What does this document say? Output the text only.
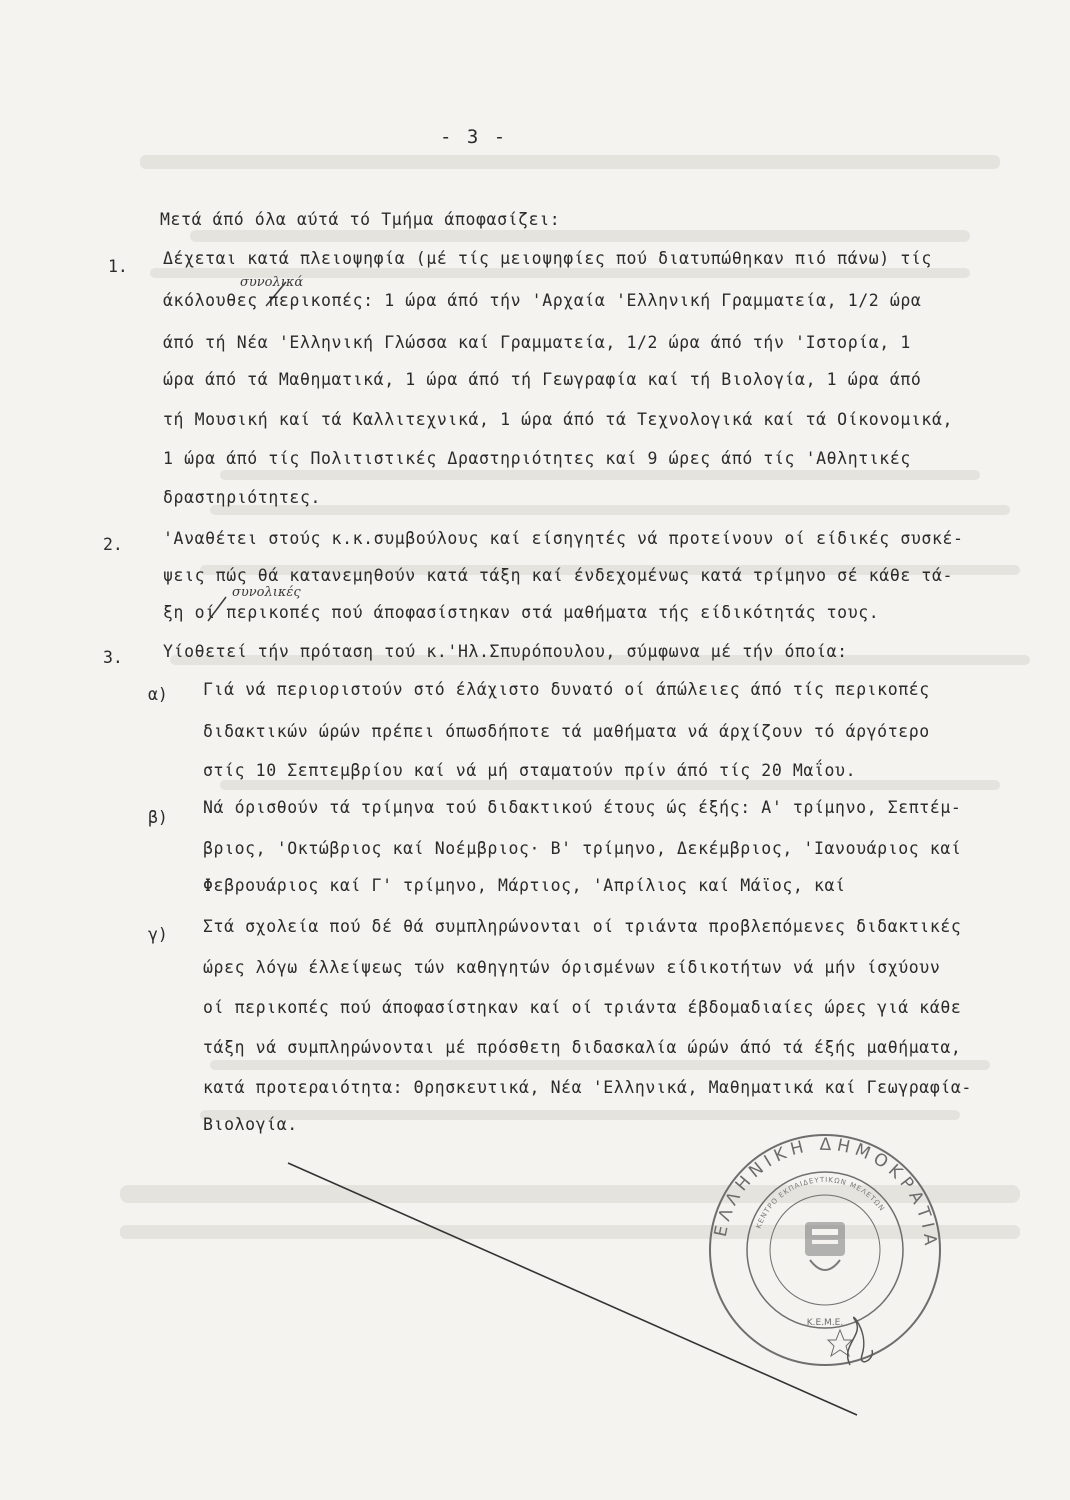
- 3 -
Μετά άπό όλα αύτά τό Τμήμα άποφασίζει:
1. Δέχεται κατά πλειοψηφία (μέ τίς μειοψηφίες πού διατυπώθηκαν πιό πάνω) τίς
συνολικά
άκόλουθες περικοπές: 1 ώρα άπό τήν 'Αρχαία 'Ελληνική Γραμματεία, 1/2 ώρα
άπό τή Νέα 'Ελληνική Γλώσσα καί Γραμματεία, 1/2 ώρα άπό τήν 'Ιστορία, 1
ώρα άπό τά Μαθηματικά, 1 ώρα άπό τή Γεωγραφία καί τή Βιολογία, 1 ώρα άπό
τή Μουσική καί τά Καλλιτεχνικά, 1 ώρα άπό τά Τεχνολογικά καί τά Οίκονομικά,
1 ώρα άπό τίς Πολιτιστικές Δραστηριότητες καί 9 ώρες άπό τίς 'Αθλητικές
δραστηριότητες.
2. 'Αναθέτει στούς κ.κ.συμβούλους καί είσηγητές νά προτείνουν οί είδικές συσκέ-
ψεις πώς θά κατανεμηθούν κατά τάξη καί ένδεχομένως κατά τρίμηνο σέ κάθε τά-
συνολικές
ξη οί περικοπές πού άποφασίστηκαν στά μαθήματα τής είδικότητάς τους.
3. Υίοθετεί τήν πρόταση τού κ.'Ηλ.Σπυρόπουλου, σύμφωνα μέ τήν όποία:
α) Γιά νά περιοριστούν στό έλάχιστο δυνατό οί άπώλειες άπό τίς περικοπές
διδακτικών ώρών πρέπει όπωσδήποτε τά μαθήματα νά άρχίζουν τό άργότερο
στίς 10 Σεπτεμβρίου καί νά μή σταματούν πρίν άπό τίς 20 Μαΐου.
β)
Νά όρισθούν τά τρίμηνα τού διδακτικού έτους ώς έξής: Α' τρίμηνο, Σεπτέμ-
βριος, 'Οκτώβριος καί Νοέμβριος· Β' τρίμηνο, Δεκέμβριος, 'Ιανουάριος καί
Φεβρουάριος καί Γ' τρίμηνο, Μάρτιος, 'Απρίλιος καί Μάϊος, καί
γ) Στά σχολεία πού δέ θά συμπληρώνονται οί τριάντα προβλεπόμενες διδακτικές
ώρες λόγω έλλείψεως τών καθηγητών όρισμένων είδικοτήτων νά μήν ίσχύουν
οί περικοπές πού άποφασίστηκαν καί οί τριάντα έβδομαδιαίες ώρες γιά κάθε
τάξη νά συμπληρώνονται μέ πρόσθετη διδασκαλία ώρών άπό τά έξής μαθήματα,
κατά προτεραιότητα: Θρησκευτικά, Νέα 'Ελληνικά, Μαθηματικά καί Γεωγραφία-
Βιολογία.
ΕΛΛΗΝΙΚΗ ΔΗΜΟΚΡΑΤΙΑ
ΚΕΝΤΡΟ ΕΚΠΑΙΔΕΥΤΙΚΩΝ ΜΕΛΕΤΩΝ
Κ.Ε.Μ.Ε.
